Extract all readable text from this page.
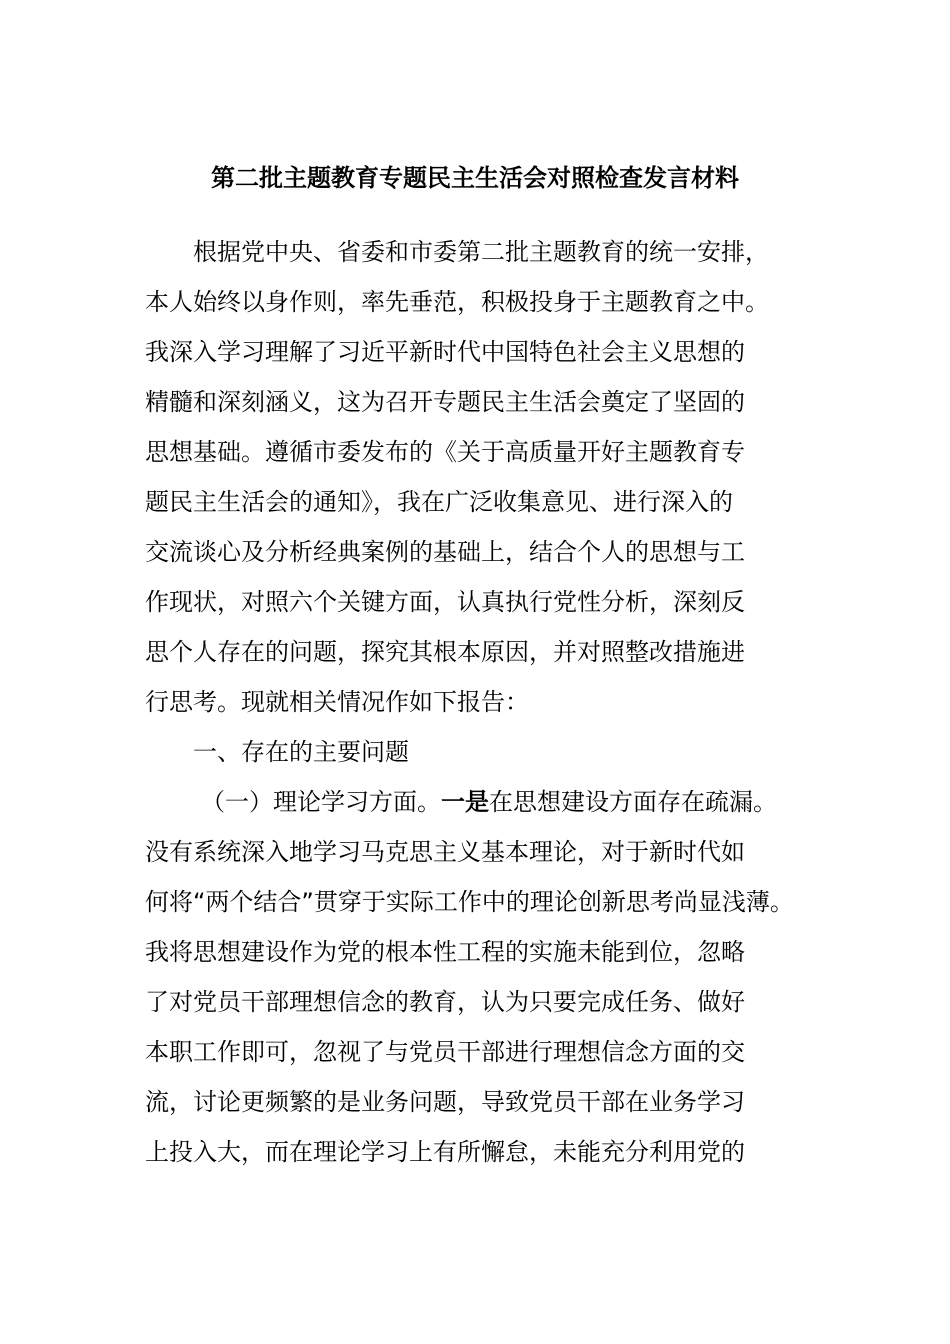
第二批主题教育专题民主生活会对照检查发言材料
根据党中央、省委和市委第二批主题教育的统一安排，
本人始终以身作则，率先垂范，积极投身于主题教育之中。
我深入学习理解了习近平新时代中国特色社会主义思想的
精髓和深刻涵义，这为召开专题民主生活会奠定了坚固的
思想基础。遵循市委发布的《关于高质量开好主题教育专
题民主生活会的通知》，我在广泛收集意见、进行深入的
交流谈心及分析经典案例的基础上，结合个人的思想与工
作现状，对照六个关键方面，认真执行党性分析，深刻反
思个人存在的问题，探究其根本原因，并对照整改措施进
行思考。现就相关情况作如下报告：
一、存在的主要问题
（一）理论学习方面。一是在思想建设方面存在疏漏。
没有系统深入地学习马克思主义基本理论，对于新时代如
何将“两个结合”贯穿于实际工作中的理论创新思考尚显浅薄。
我将思想建设作为党的根本性工程的实施未能到位，忽略
了对党员干部理想信念的教育，认为只要完成任务、做好
本职工作即可，忽视了与党员干部进行理想信念方面的交
流，讨论更频繁的是业务问题，导致党员干部在业务学习
上投入大，而在理论学习上有所懈怠，未能充分利用党的
